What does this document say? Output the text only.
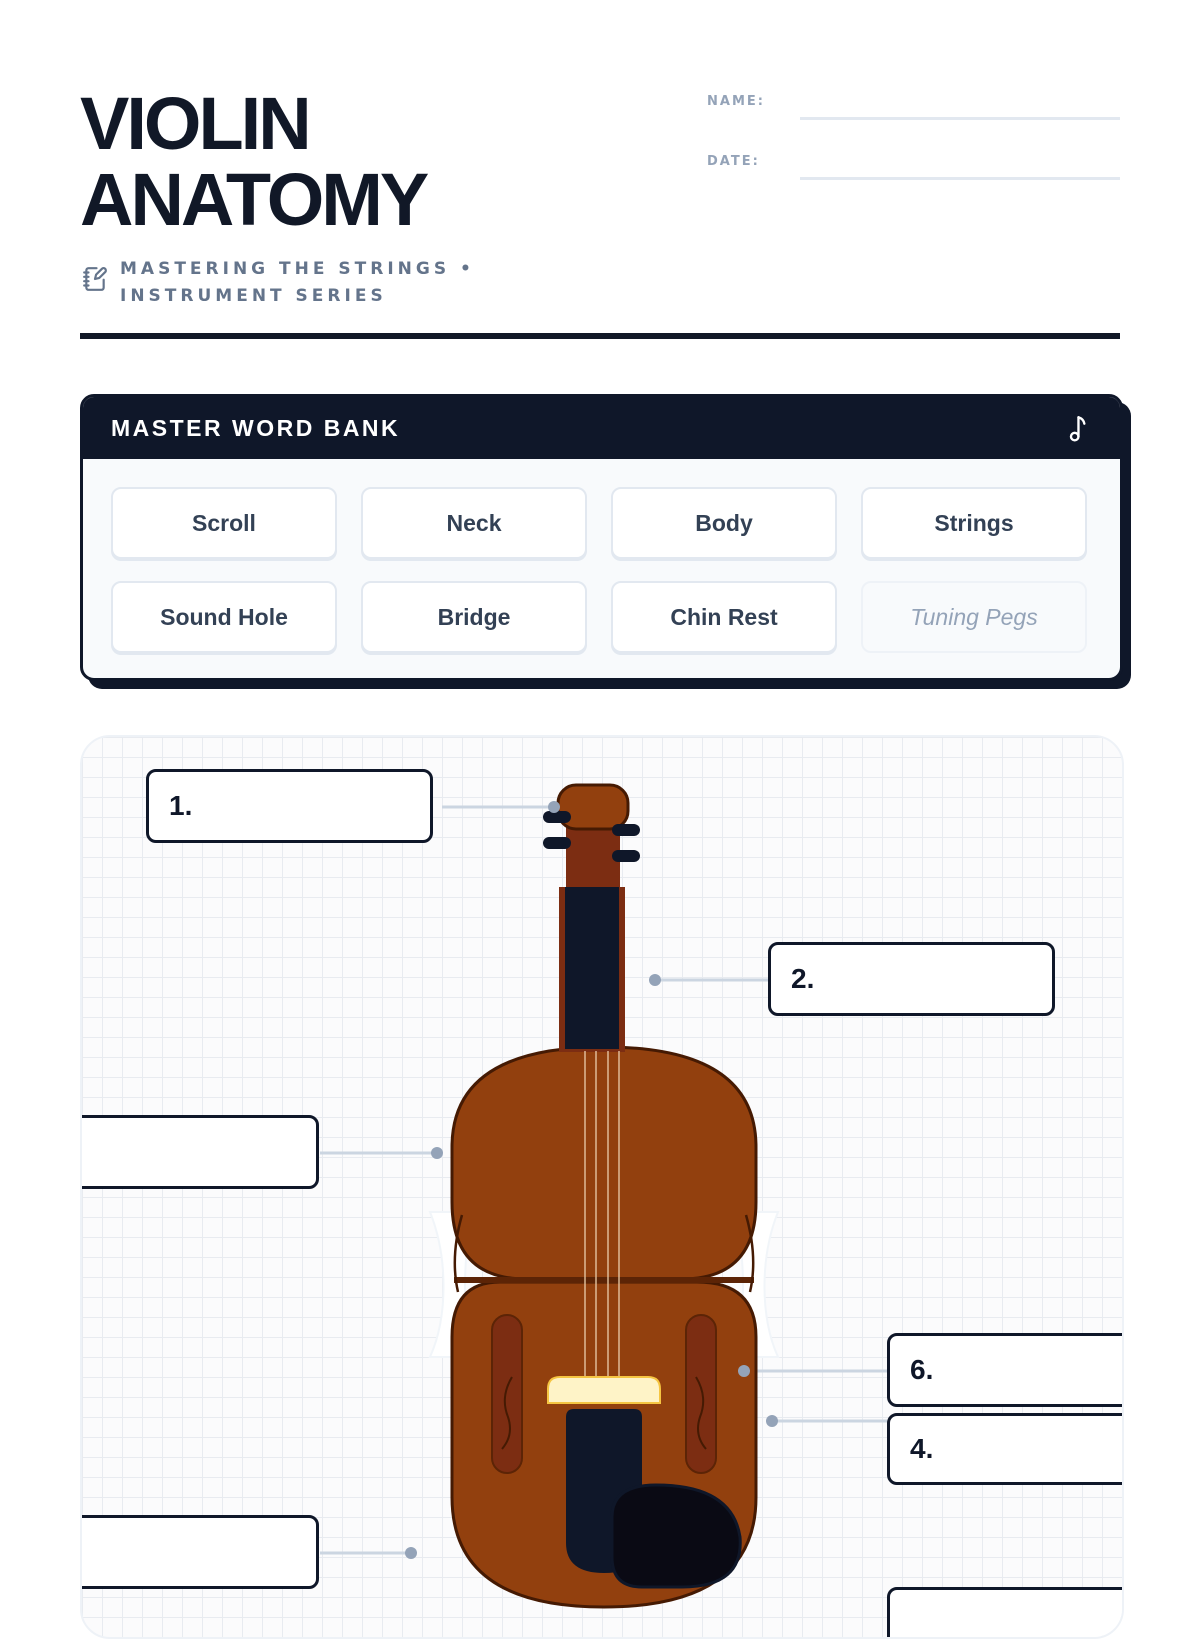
VIOLIN
ANATOMY
MASTERING THE STRINGS • INSTRUMENT SERIES
NAME:
DATE:
MASTER WORD BANK
Scroll	Neck	Body	Strings
Sound Hole	Bridge	Chin Rest	Tuning Pegs
1.
2.
4.
6.
